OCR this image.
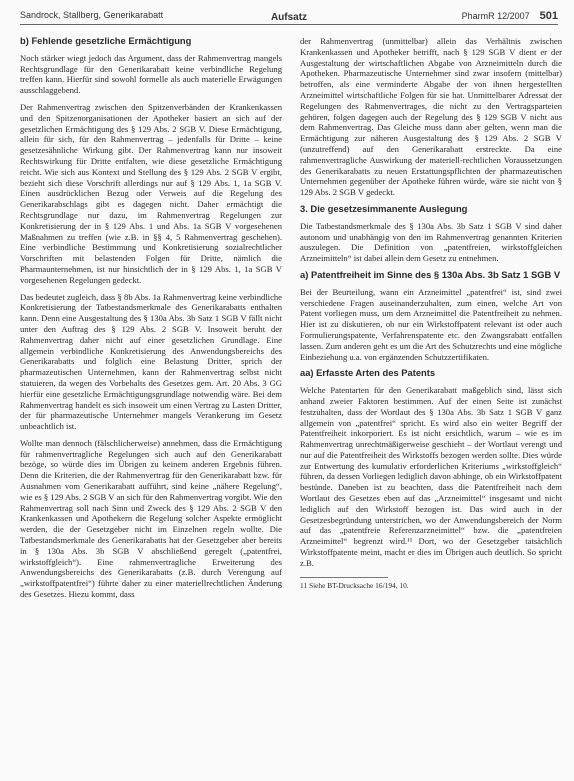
Sandrock, Stallberg, Generikarabatt	Aufsatz	PharmR 12/2007 501
b) Fehlende gesetzliche Ermächtigung

Noch stärker wiegt jedoch das Argument, dass der Rahmenvertrag mangels Rechtsgrundlage für den Generikarabatt keine verbindliche Regelung treffen kann. Hierfür sind sowohl formelle als auch materielle Erwägungen ausschlaggebend.

Der Rahmenvertrag zwischen den Spitzenverbänden der Krankenkassen und den Spitzenorganisationen der Apotheker basiert an sich auf der gesetzlichen Ermächtigung des § 129 Abs. 2 SGB V. Diese Ermächtigung, allein für sich, für den Rahmenvertrag – jedenfalls für Dritte – keine gesetzesähnliche Wirkung gibt. Der Rahmenvertrag kann nur insoweit Rechtswirkung für Dritte entfalten, wie diese gesetzliche Ermächtigung reicht. Wie sich aus Kontext und Stellung des § 129 Abs. 2 SGB V ergibt, bezieht sich diese Vorschrift allerdings nur auf § 129 Abs. 1, 1a SGB V. Einen ausdrücklichen Bezug oder Verweis auf die Regelung des Generikarabschlags gibt es dagegen nicht. Daher ermächtigt die Rechtsgrundlage nur dazu, im Rahmenvertrag Regelungen zur Konkretisierung der in § 129 Abs. 1 und Abs. 1a SGB V vorgesehenen Maßnahmen zu treffen (wie z.B. in §§ 4, 5 Rahmenvertrag geschehen). Eine verbindliche Bestimmung und Konkretisierung sozialrechtlicher Vorschriften mit belastenden Folgen für Dritte, nämlich die Pharmaunternehmen, ist nur hinsichtlich der in § 129 Abs. 1, 1a SGB V vorgesehenen Regelungen gedeckt.

Das bedeutet zugleich, dass § 8b Abs. 1a Rahmenvertrag keine verbindliche Konkretisierung der Tatbestandsmerkmale des Generikarabatts enthalten kann. Denn eine Ausgestaltung des § 130a Abs. 3b Satz 1 SGB V fällt nicht unter den Auftrag des § 129 Abs. 2 SGB V. Insoweit beruht der Rahmenvertrag daher nicht auf einer gesetzlichen Grundlage. Eine allgemein verbindliche Konkretisierung des Anwendungsbereichs des Generikarabatts und folglich eine Belastung Dritter, sprich der pharmazeutischen Unternehmen, kann der Rahmenvertrag selbst nicht statuieren, da wegen des Vorbehalts des Gesetzes gem. Art. 20 Abs. 3 GG hierfür eine gesetzliche Ermächtigungsgrundlage notwendig wäre. Bei dem Rahmenvertrag handelt es sich insoweit um einen Vertrag zu Lasten Dritter, der für pharmazeutische Unternehmer mangels Verankerung im Gesetz unbeachtlich ist.

Wollte man dennoch (fälschlicherweise) annehmen, dass die Ermächtigung für rahmenvertragliche Regelungen sich auch auf den Generikarabatt bezöge, so würde dies im Übrigen zu keinem anderen Ergebnis führen. Denn die Kriterien, die der Rahmenvertrag für den Generikarabatt bzw. für Ausnahmen vom Generikarabatt aufführt, sind keine „nähere Regelung“, wie es § 129 Abs. 2 SGB V an sich für den Rahmenvertrag vorgibt. Wie den Rahmenvertrag soll nach Sinn und Zweck des § 129 Abs. 2 SGB V den Krankenkassen und Apothekern die Regelung solcher Aspekte ermöglicht werden, die der Gesetzgeber nicht im Einzelnen regeln wollte. Die Tatbestandsmerkmale des Generikarabatts hat der Gesetzgeber aber bereits in § 130a Abs. 3b SGB V abschließend geregelt („patentfrei, wirkstoffgleich“). Eine rahmenvertragliche Erweiterung des Anwendungsbereichs des Generikarabatts (z.B. durch Verengung auf „wirkstoffpatentfrei“) führte daher zu einer materiellrechtlichen Änderung des Gesetzes. Hiezu kommt, dass

der Rahmenvertrag (unmittelbar) allein das Verhältnis zwischen Krankenkassen und Apotheker betrifft, nach § 129 SGB V dient er der Ausgestaltung der wirtschaftlichen Abgabe von Arzneimitteln durch die Apotheken. Pharmazeutische Unternehmer sind zwar insofern (mittelbar) betroffen, als eine verminderte Abgabe der von ihnen hergestellten Arzneimittel wirtschaftliche Folgen für sie hat. Unmittelbarer Adressat der Regelungen des Rahmenvertrages, die nicht zu den Vertragsparteien gehören, folgen dagegen auch der Regelung des § 129 SGB V nicht aus dem Rahmenvertrag. Das Gleiche muss dann aber gelten, wenn man die Ermächtigung zur näheren Ausgestaltung des § 129 Abs. 2 SGB V (unzutreffend) auf den Generikarabatt erstreckte. Da eine rahmenvertragliche Auswirkung der materiell-rechtlichen Voraussetzungen des Generikarabatts zu neuen Erstattungspflichten der pharmazeutischen Unternehmen gegenüber der Apotheke führen würde, wäre sie nicht von § 129 Abs. 2 SGB V gedeckt.

3. Die gesetzesimmanente Auslegung

Die Tatbestandsmerkmale des § 130a Abs. 3b Satz 1 SGB V sind daher autonom und unabhängig von den im Rahmenvertrag genannten Kriterien auszulegen. Die Definition von „patentfreien, wirkstoffgleichen Arzneimitteln“ ist dabei allein dem Gesetz zu entnehmen.

a) Patentfreiheit im Sinne des § 130a Abs. 3b Satz 1 SGB V

Bei der Beurteilung, wann ein Arzneimittel „patentfrei“ ist, sind zwei verschiedene Fragen auseinanderzuhalten, zum einen, welche Art von Patent vorliegen muss, um dem Arzneimittel die Patentfreiheit zu nehmen. Hier ist zu diskutieren, ob nur ein Wirkstoffpatent relevant ist oder auch Formulierungspatente, Verfahrenspatente etc. den Zwangsrabatt entfallen lassen. Zum anderen geht es um die Art des Schutzrechts und eine mögliche Einbeziehung u.a. von ergänzenden Schutzzertifikaten.

aa) Erfasste Arten des Patents

Welche Patentarten für den Generikarabatt maßgeblich sind, lässt sich anhand zweier Faktoren bestimmen. Auf der einen Seite ist zunächst festzuhalten, dass der Wortlaut des § 130a Abs. 3b Satz 1 SGB V ganz allgemein von „patentfrei“ spricht. Es wird also ein weiter Begriff der Patentfreiheit inkorporiert. Es ist nicht ersichtlich, warum – wie es im Rahmenvertrag unrechtmäßigerweise geschieht – der Wortlaut verengt und nur auf die Patentfreiheit des Wirkstoffs bezogen werden sollte. Dies würde zur Entwertung des kumulativ erforderlichen Kriteriums „wirkstoffgleich“ führen, da dessen Vorliegen lediglich davon abhinge, ob ein Wirkstoffpatent bestünde. Daneben ist zu beachten, dass die Patentfreiheit nach dem Wortlaut des Gesetzes eben auf das „Arzneimittel“ insgesamt und nicht lediglich auf den Wirkstoff bezogen ist. Das wird auch in der Gesetzesbegründung unterstrichen, wo der Anwendungsbereich der Norm auf das „patentfreie Referenzarzneimittel“ bzw. die „patentfreien Arzneimittel“ begrenzt wird.¹¹ Dort, wo der Gesetzgeber tatsächlich Wirkstoffpatente meint, macht er dies im Übrigen auch deutlich. So spricht z.B.

11 Siehe BT-Drucksache 16/194, 10.
